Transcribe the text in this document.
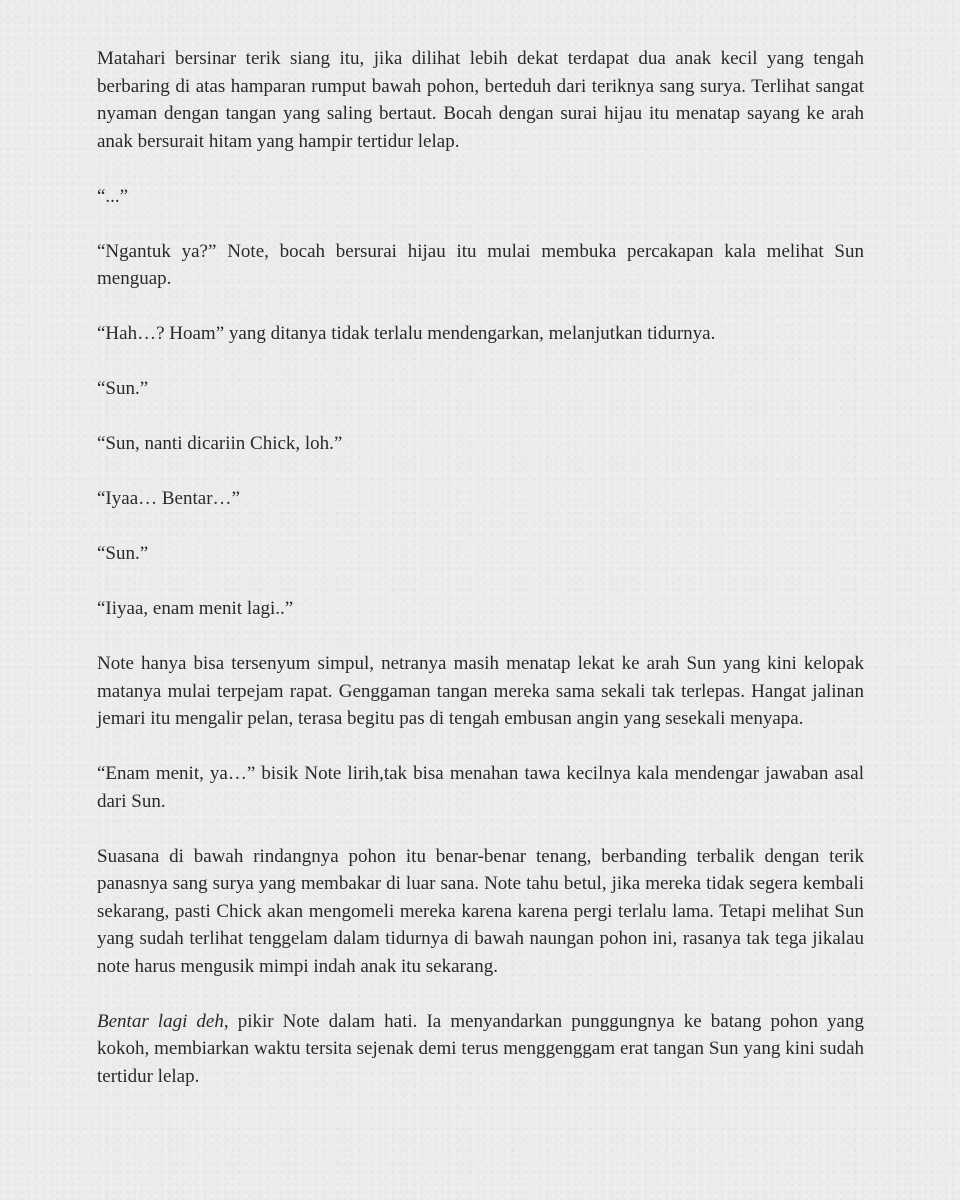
Matahari bersinar terik siang itu, jika dilihat lebih dekat terdapat dua anak kecil yang tengah berbaring di atas hamparan rumput bawah pohon, berteduh dari teriknya sang surya. Terlihat sangat nyaman dengan tangan yang saling bertaut. Bocah dengan surai hijau itu menatap sayang ke arah anak bersurait hitam yang hampir tertidur lelap.

“...”

“Ngantuk ya?” Note, bocah bersurai hijau itu mulai membuka percakapan kala melihat Sun menguap.

“Hah…? Hoam” yang ditanya tidak terlalu mendengarkan, melanjutkan tidurnya.

“Sun.”

“Sun, nanti dicariin Chick, loh.”

“Iyaa… Bentar…”

“Sun.”

“Iiyaa, enam menit lagi..”

Note hanya bisa tersenyum simpul, netranya masih menatap lekat ke arah Sun yang kini kelopak matanya mulai terpejam rapat. Genggaman tangan mereka sama sekali tak terlepas. Hangat jalinan jemari itu mengalir pelan, terasa begitu pas di tengah embusan angin yang sesekali menyapa.

“Enam menit, ya…” bisik Note lirih,tak bisa menahan tawa kecilnya kala mendengar jawaban asal dari Sun.

Suasana di bawah rindangnya pohon itu benar-benar tenang, berbanding terbalik dengan terik panasnya sang surya yang membakar di luar sana. Note tahu betul, jika mereka tidak segera kembali sekarang, pasti Chick akan mengomeli mereka karena karena pergi terlalu lama. Tetapi melihat Sun yang sudah terlihat tenggelam dalam tidurnya di bawah naungan pohon ini, rasanya tak tega jikalau note harus mengusik mimpi indah anak itu sekarang.

Bentar lagi deh, pikir Note dalam hati. Ia menyandarkan punggungnya ke batang pohon yang kokoh, membiarkan waktu tersita sejenak demi terus menggenggam erat tangan Sun yang kini sudah tertidur lelap.
